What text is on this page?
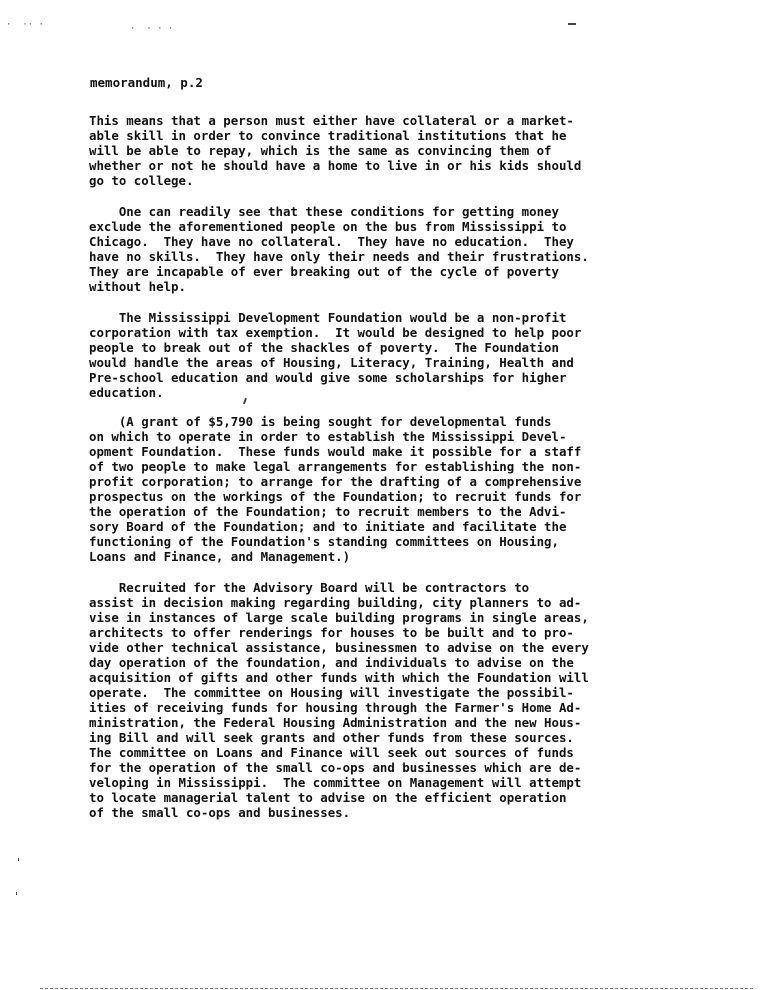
·  ·· ·	·  · · ·
memorandum, p.2
This means that a person must either have collateral or a market-
able skill in order to convince traditional institutions that he
will be able to repay, which is the same as convincing them of
whether or not he should have a home to live in or his kids should
go to college.
One can readily see that these conditions for getting money
exclude the aforementioned people on the bus from Mississippi to
Chicago.  They have no collateral.  They have no education.  They
have no skills.  They have only their needs and their frustrations.
They are incapable of ever breaking out of the cycle of poverty
without help.
The Mississippi Development Foundation would be a non-profit
corporation with tax exemption.  It would be designed to help poor
people to break out of the shackles of poverty.  The Foundation
would handle the areas of Housing, Literacy, Training, Health and
Pre-school education and would give some scholarships for higher
education.
(A grant of $5,790 is being sought for developmental funds
on which to operate in order to establish the Mississippi Devel-
opment Foundation.  These funds would make it possible for a staff
of two people to make legal arrangements for establishing the non-
profit corporation; to arrange for the drafting of a comprehensive
prospectus on the workings of the Foundation; to recruit funds for
the operation of the Foundation; to recruit members to the Advi-
sory Board of the Foundation; and to initiate and facilitate the
functioning of the Foundation's standing committees on Housing,
Loans and Finance, and Management.)
Recruited for the Advisory Board will be contractors to
assist in decision making regarding building, city planners to ad-
vise in instances of large scale building programs in single areas,
architects to offer renderings for houses to be built and to pro-
vide other technical assistance, businessmen to advise on the every
day operation of the foundation, and individuals to advise on the
acquisition of gifts and other funds with which the Foundation will
operate.  The committee on Housing will investigate the possibil-
ities of receiving funds for housing through the Farmer's Home Ad-
ministration, the Federal Housing Administration and the new Hous-
ing Bill and will seek grants and other funds from these sources.
The committee on Loans and Finance will seek out sources of funds
for the operation of the small co-ops and businesses which are de-
veloping in Mississippi.  The committee on Management will attempt
to locate managerial talent to advise on the efficient operation
of the small co-ops and businesses.
